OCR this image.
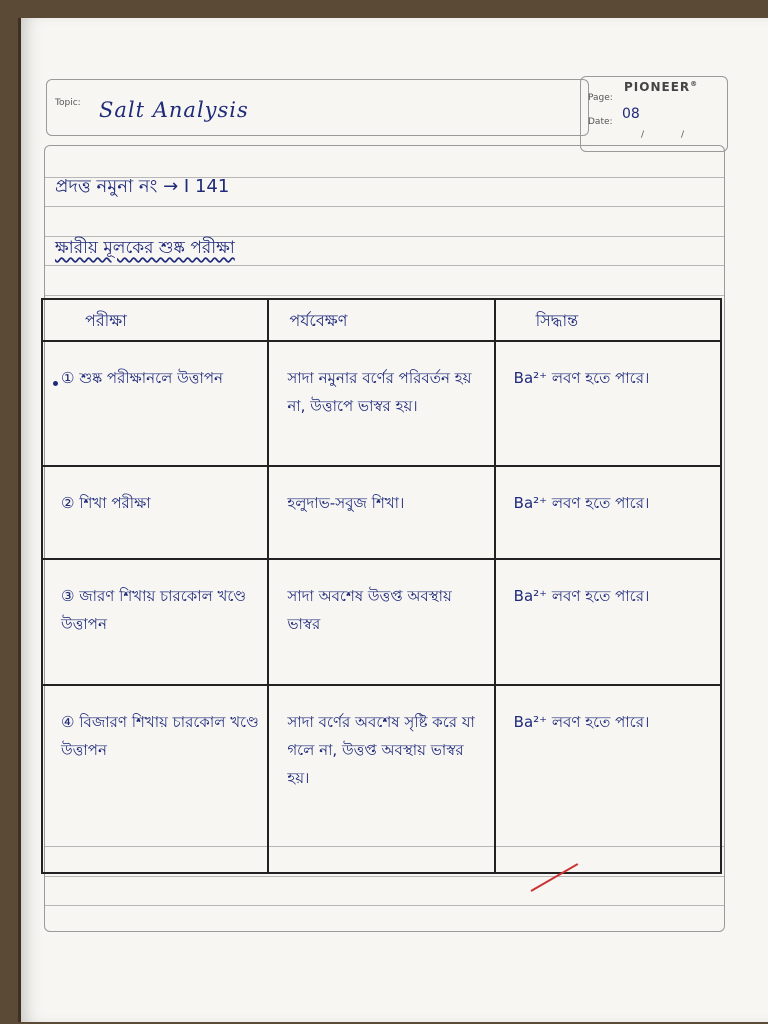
PIONEER®
Topic: Salt Analysis	Page:
Date: 08
/	/
পরীক্ষা	পর্যবেক্ষণ	সিদ্ধান্ত

① শুষ্ক পরীক্ষানলে উত্তাপন	সাদা নমুনার বর্ণের পরিবর্তন হয় না, উত্তাপে ভাস্বর হয়।	Ba²⁺ লবণ হতে পারে।

② শিখা পরীক্ষা	হলুদাভ-সবুজ শিখা।	Ba²⁺ লবণ হতে পারে।

③ জারণ শিখায় চারকোল খণ্ডে উত্তাপন	সাদা অবশেষ উত্তপ্ত অবস্থায় ভাস্বর	Ba²⁺ লবণ হতে পারে।

④ বিজারণ শিখায় চারকোল খণ্ডে উত্তাপন	সাদা বর্ণের অবশেষ সৃষ্টি করে যা গলে না, উত্তপ্ত অবস্থায় ভাস্বর হয়।	Ba²⁺ লবণ হতে পারে।
প্রদত্ত নমুনা নং → I 141
ক্ষারীয় মূলকের শুষ্ক পরীক্ষা
